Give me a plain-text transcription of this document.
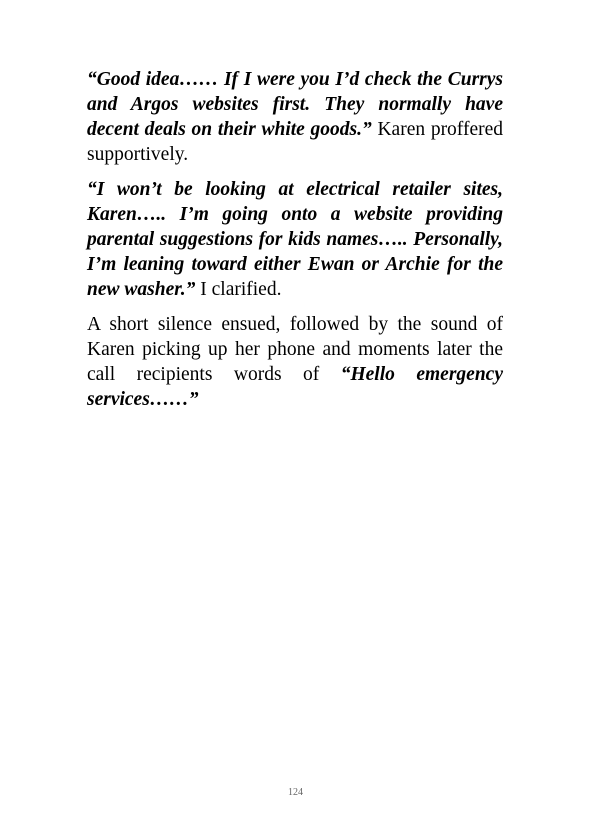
“Good idea…… If I were you I’d check the Currys and Argos websites first. They normally have decent deals on their white goods.” Karen proffered supportively.

“I won’t be looking at electrical retailer sites, Karen….. I’m going onto a website providing parental suggestions for kids names….. Personally, I’m leaning toward either Ewan or Archie for the new washer.” I clarified.

A short silence ensued, followed by the sound of Karen picking up her phone and moments later the call recipients words of “Hello emergency services……”

124
